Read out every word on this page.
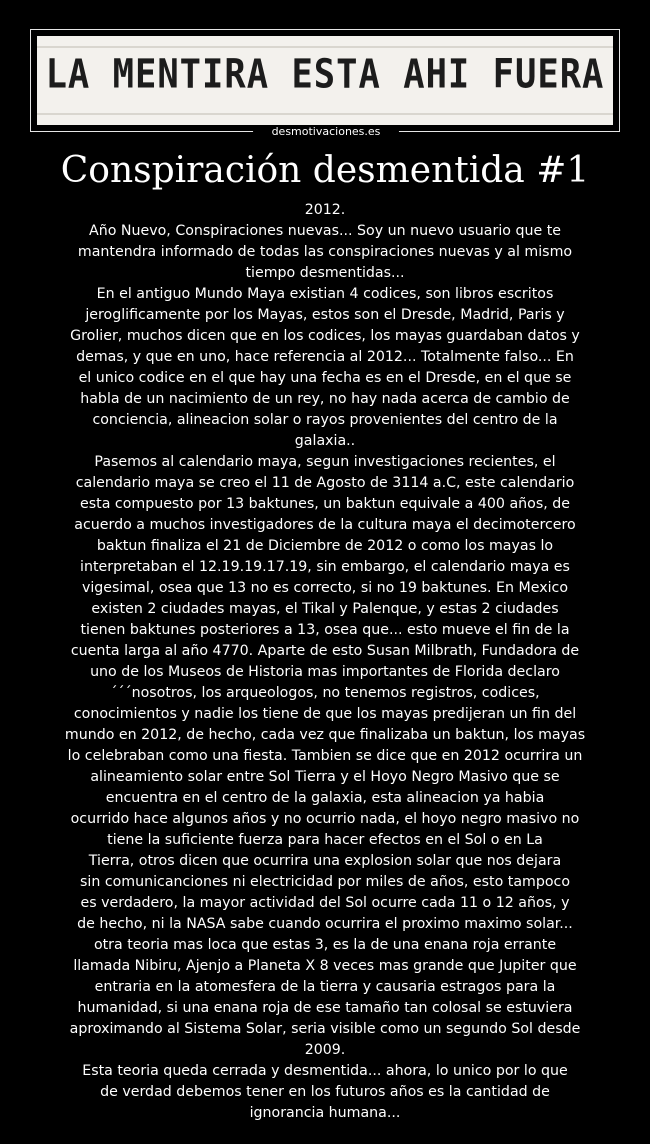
LA MENTIRA ESTA AHI FUERA
desmotivaciones.es
Conspiración desmentida #1
2012.
Año Nuevo, Conspiraciones nuevas... Soy un nuevo usuario que te
mantendra informado de todas las conspiraciones nuevas y al mismo
tiempo desmentidas...
En el antiguo Mundo Maya existian 4 codices, son libros escritos
jeroglificamente por los Mayas, estos son el Dresde, Madrid, Paris y
Grolier, muchos dicen que en los codices, los mayas guardaban datos y
demas, y que en uno, hace referencia al 2012... Totalmente falso... En
el unico codice en el que hay una fecha es en el Dresde, en el que se
habla de un nacimiento de un rey, no hay nada acerca de cambio de
conciencia, alineacion solar o rayos provenientes del centro de la
galaxia..
Pasemos al calendario maya, segun investigaciones recientes, el
calendario maya se creo el 11 de Agosto de 3114 a.C, este calendario
esta compuesto por 13 baktunes, un baktun equivale a 400 años, de
acuerdo a muchos investigadores de la cultura maya el decimotercero
baktun finaliza el 21 de Diciembre de 2012 o como los mayas lo
interpretaban el 12.19.19.17.19, sin embargo, el calendario maya es
vigesimal, osea que 13 no es correcto, si no 19 baktunes. En Mexico
existen 2 ciudades mayas, el Tikal y Palenque, y estas 2 ciudades
tienen baktunes posteriores a 13, osea que... esto mueve el fin de la
cuenta larga al año 4770. Aparte de esto Susan Milbrath, Fundadora de
uno de los Museos de Historia mas importantes de Florida declaro
´´´nosotros, los arqueologos, no tenemos registros, codices,
conocimientos y nadie los tiene de que los mayas predijeran un fin del
mundo en 2012, de hecho, cada vez que finalizaba un baktun, los mayas
lo celebraban como una fiesta. Tambien se dice que en 2012 ocurrira un
alineamiento solar entre Sol Tierra y el Hoyo Negro Masivo que se
encuentra en el centro de la galaxia, esta alineacion ya habia
ocurrido hace algunos años y no ocurrio nada, el hoyo negro masivo no
tiene la suficiente fuerza para hacer efectos en el Sol o en La
Tierra, otros dicen que ocurrira una explosion solar que nos dejara
sin comunicanciones ni electricidad por miles de años, esto tampoco
es verdadero, la mayor actividad del Sol ocurre cada 11 o 12 años, y
de hecho, ni la NASA sabe cuando ocurrira el proximo maximo solar...
otra teoria mas loca que estas 3, es la de una enana roja errante
llamada Nibiru, Ajenjo a Planeta X 8 veces mas grande que Jupiter que
entraria en la atomesfera de la tierra y causaria estragos para la
humanidad, si una enana roja de ese tamaño tan colosal se estuviera
aproximando al Sistema Solar, seria visible como un segundo Sol desde
2009.
Esta teoria queda cerrada y desmentida... ahora, lo unico por lo que
de verdad debemos tener en los futuros años es la cantidad de
ignorancia humana...
